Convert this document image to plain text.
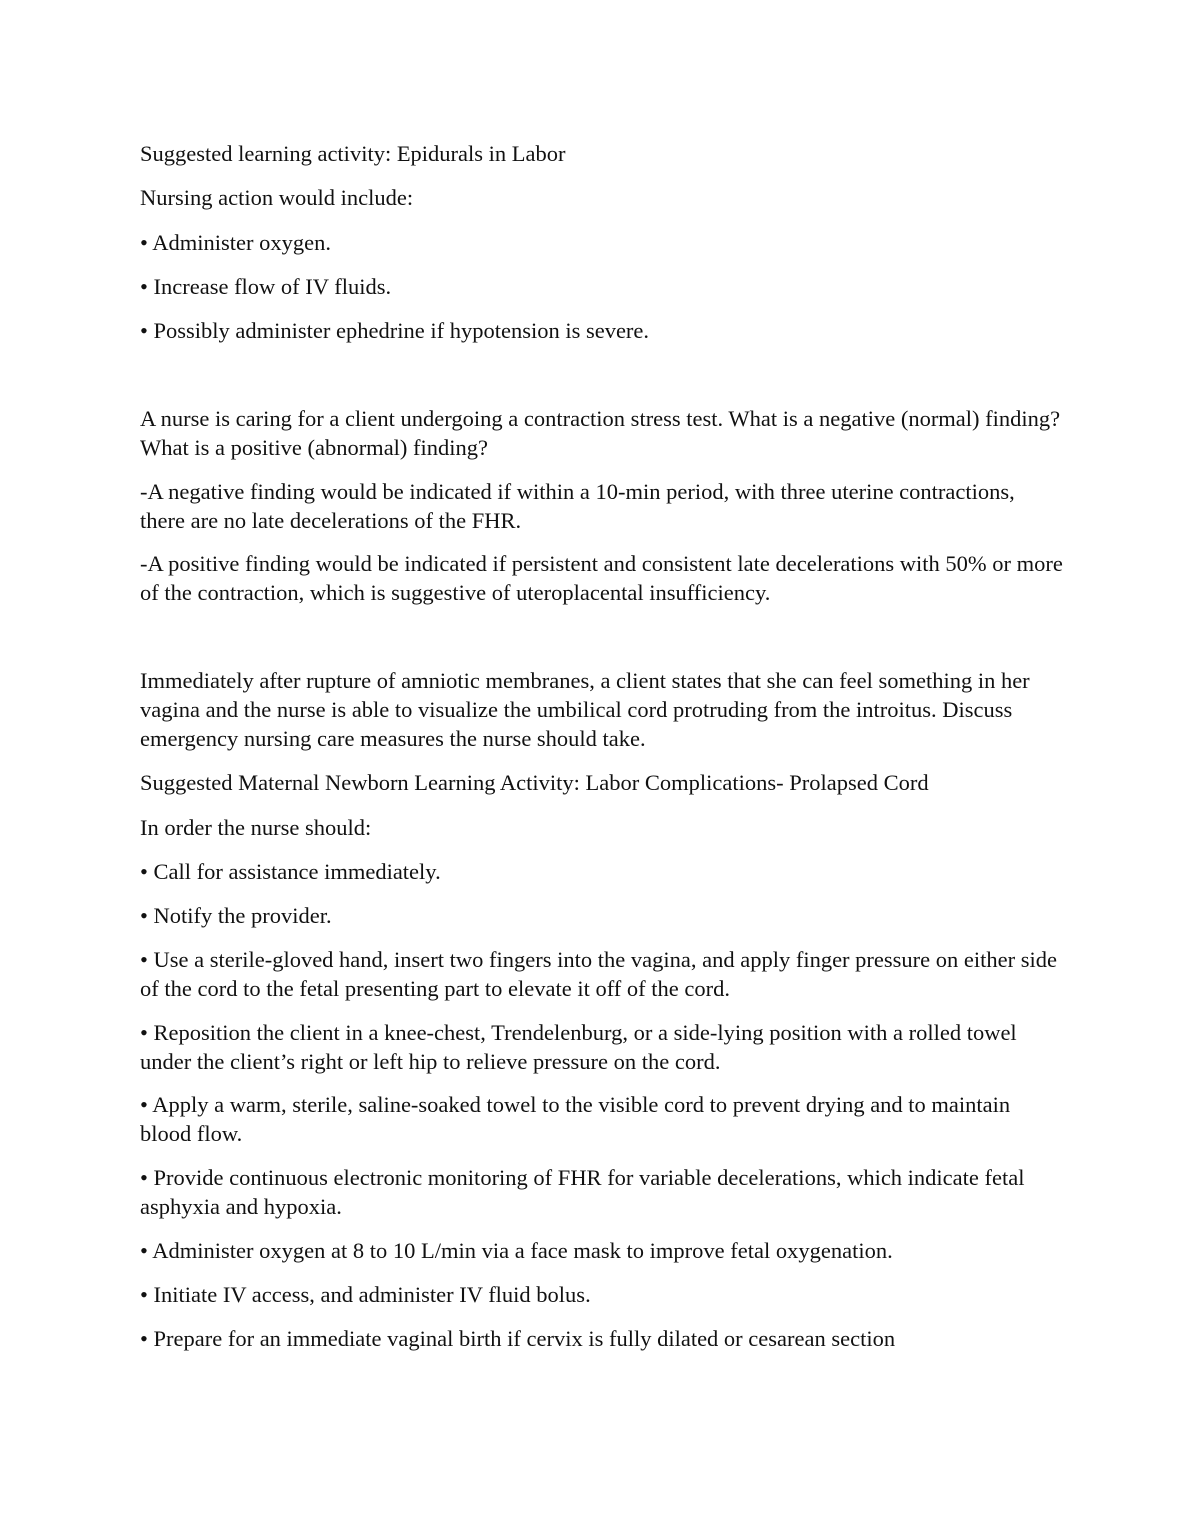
Suggested learning activity: Epidurals in Labor

Nursing action would include:

• Administer oxygen.

• Increase flow of IV fluids.

• Possibly administer ephedrine if hypotension is severe.

A nurse is caring for a client undergoing a contraction stress test. What is a negative (normal) finding? What is a positive (abnormal) finding?

-A negative finding would be indicated if within a 10-min period, with three uterine contractions, there are no late decelerations of the FHR.

-A positive finding would be indicated if persistent and consistent late decelerations with 50% or more of the contraction, which is suggestive of uteroplacental insufficiency.

Immediately after rupture of amniotic membranes, a client states that she can feel something in her vagina and the nurse is able to visualize the umbilical cord protruding from the introitus. Discuss emergency nursing care measures the nurse should take.

Suggested Maternal Newborn Learning Activity: Labor Complications- Prolapsed Cord

In order the nurse should:

• Call for assistance immediately.

• Notify the provider.

• Use a sterile-gloved hand, insert two fingers into the vagina, and apply finger pressure on either side of the cord to the fetal presenting part to elevate it off of the cord.

• Reposition the client in a knee-chest, Trendelenburg, or a side-lying position with a rolled towel under the client’s right or left hip to relieve pressure on the cord.

• Apply a warm, sterile, saline-soaked towel to the visible cord to prevent drying and to maintain blood flow.

• Provide continuous electronic monitoring of FHR for variable decelerations, which indicate fetal asphyxia and hypoxia.

• Administer oxygen at 8 to 10 L/min via a face mask to improve fetal oxygenation.

• Initiate IV access, and administer IV fluid bolus.

• Prepare for an immediate vaginal birth if cervix is fully dilated or cesarean section
